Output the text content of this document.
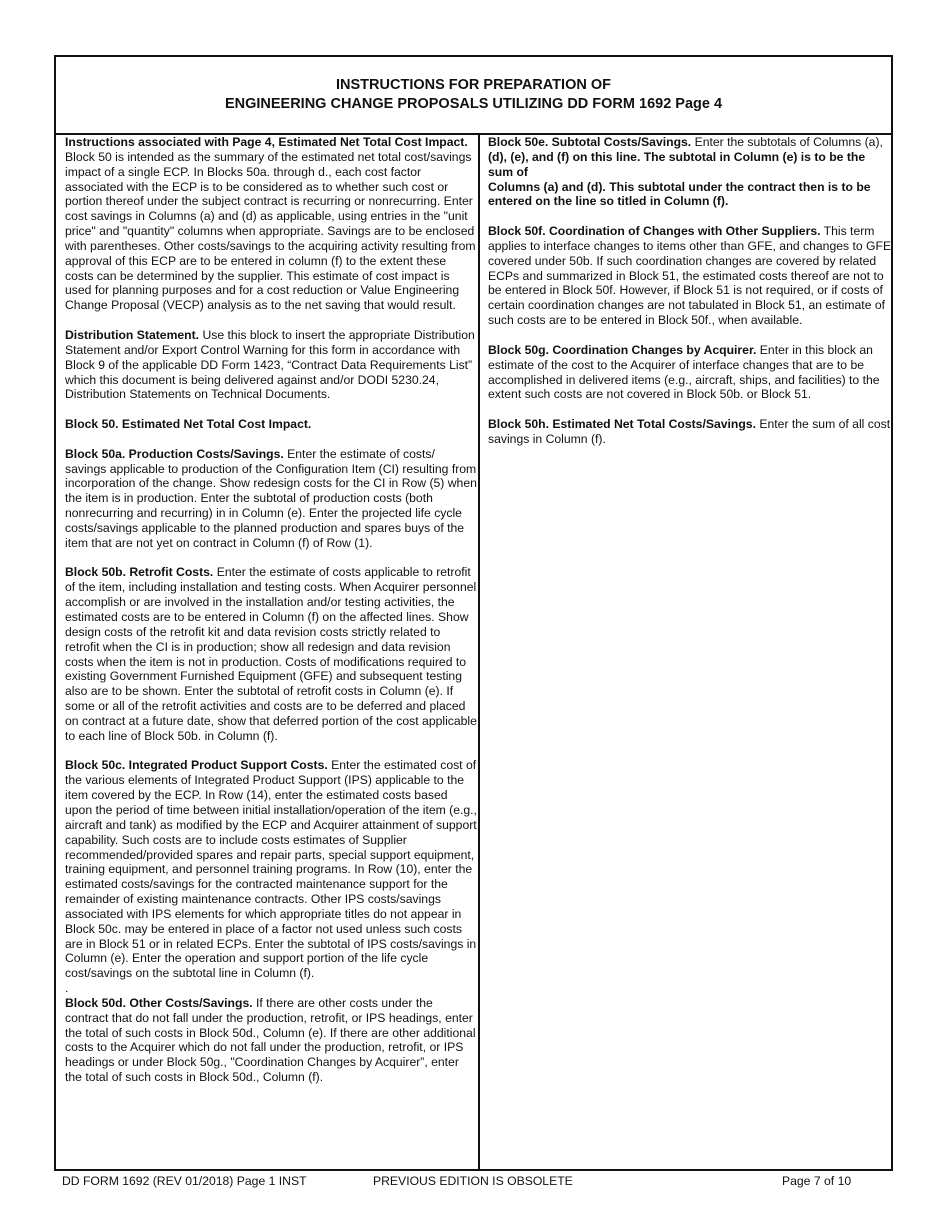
INSTRUCTIONS FOR PREPARATION OF
ENGINEERING CHANGE PROPOSALS UTILIZING DD FORM 1692 Page 4

Instructions associated with Page 4, Estimated Net Total Cost Impact. Block 50 is intended as the summary of the estimated net total cost/savings impact of a single ECP. In Blocks 50a. through d., each cost factor associated with the ECP is to be considered as to whether such cost or portion thereof under the subject contract is recurring or nonrecurring. Enter cost savings in Columns (a) and (d) as applicable, using entries in the "unit price" and "quantity" columns when appropriate. Savings are to be enclosed with parentheses. Other costs/savings to the acquiring activity resulting from approval of this ECP are to be entered in column (f) to the extent these costs can be determined by the supplier. This estimate of cost impact is used for planning purposes and for a cost reduction or Value Engineering Change Proposal (VECP) analysis as to the net saving that would result.

Distribution Statement. Use this block to insert the appropriate Distribution Statement and/or Export Control Warning for this form in accordance with Block 9 of the applicable DD Form 1423, “Contract Data Requirements List” which this document is being delivered against and/or DODI 5230.24, Distribution Statements on Technical Documents.

Block 50. Estimated Net Total Cost Impact.

Block 50a. Production Costs/Savings. Enter the estimate of costs/ savings applicable to production of the Configuration Item (CI) resulting from incorporation of the change. Show redesign costs for the CI in Row (5) when the item is in production. Enter the subtotal of production costs (both nonrecurring and recurring) in in Column (e). Enter the projected life cycle costs/savings applicable to the planned production and spares buys of the item that are not yet on contract in Column (f) of Row (1).

Block 50b. Retrofit Costs. Enter the estimate of costs applicable to retrofit of the item, including installation and testing costs. When Acquirer personnel accomplish or are involved in the installation and/or testing activities, the estimated costs are to be entered in Column (f) on the affected lines. Show design costs of the retrofit kit and data revision costs strictly related to retrofit when the CI is in production; show all redesign and data revision costs when the item is not in production. Costs of modifications required to existing Government Furnished Equipment (GFE) and subsequent testing also are to be shown. Enter the subtotal of retrofit costs in Column (e). If some or all of the retrofit activities and costs are to be deferred and placed on contract at a future date, show that deferred portion of the cost applicable to each line of Block 50b. in Column (f).

Block 50c. Integrated Product Support Costs. Enter the estimated cost of the various elements of Integrated Product Support (IPS) applicable to the item covered by the ECP. In Row (14), enter the estimated costs based upon the period of time between initial installation/operation of the item (e.g., aircraft and tank) as modified by the ECP and Acquirer attainment of support capability. Such costs are to include costs estimates of Supplier recommended/provided spares and repair parts, special support equipment, training equipment, and personnel training programs. In Row (10), enter the estimated costs/savings for the contracted maintenance support for the remainder of existing maintenance contracts. Other IPS costs/savings associated with IPS elements for which appropriate titles do not appear in Block 50c. may be entered in place of a factor not used unless such costs are in Block 51 or in related ECPs. Enter the subtotal of IPS costs/savings in Column (e). Enter the operation and support portion of the life cycle cost/savings on the subtotal line in Column (f).

.

Block 50d. Other Costs/Savings. If there are other costs under the contract that do not fall under the production, retrofit, or IPS headings, enter the total of such costs in Block 50d., Column (e). If there are other additional costs to the Acquirer which do not fall under the production, retrofit, or IPS headings or under Block 50g., "Coordination Changes by Acquirer”, enter the total of such costs in Block 50d., Column (f).

Block 50e. Subtotal Costs/Savings. Enter the subtotals of Columns (a),
(d), (e), and (f) on this line. The subtotal in Column (e) is to be the sum of
Columns (a) and (d). This subtotal under the contract then is to be entered on the line so titled in Column (f).

Block 50f. Coordination of Changes with Other Suppliers. This term applies to interface changes to items other than GFE, and changes to GFE covered under 50b. If such coordination changes are covered by related ECPs and summarized in Block 51, the estimated costs thereof are not to be entered in Block 50f. However, if Block 51 is not required, or if costs of certain coordination changes are not tabulated in Block 51, an estimate of such costs are to be entered in Block 50f., when available.

Block 50g. Coordination Changes by Acquirer. Enter in this block an estimate of the cost to the Acquirer of interface changes that are to be accomplished in delivered items (e.g., aircraft, ships, and facilities) to the extent such costs are not covered in Block 50b. or Block 51.

Block 50h. Estimated Net Total Costs/Savings. Enter the sum of all cost savings in Column (f).

DD FORM 1692 (REV 01/2018) Page 1 INST	PREVIOUS EDITION IS OBSOLETE	Page 7 of 10
